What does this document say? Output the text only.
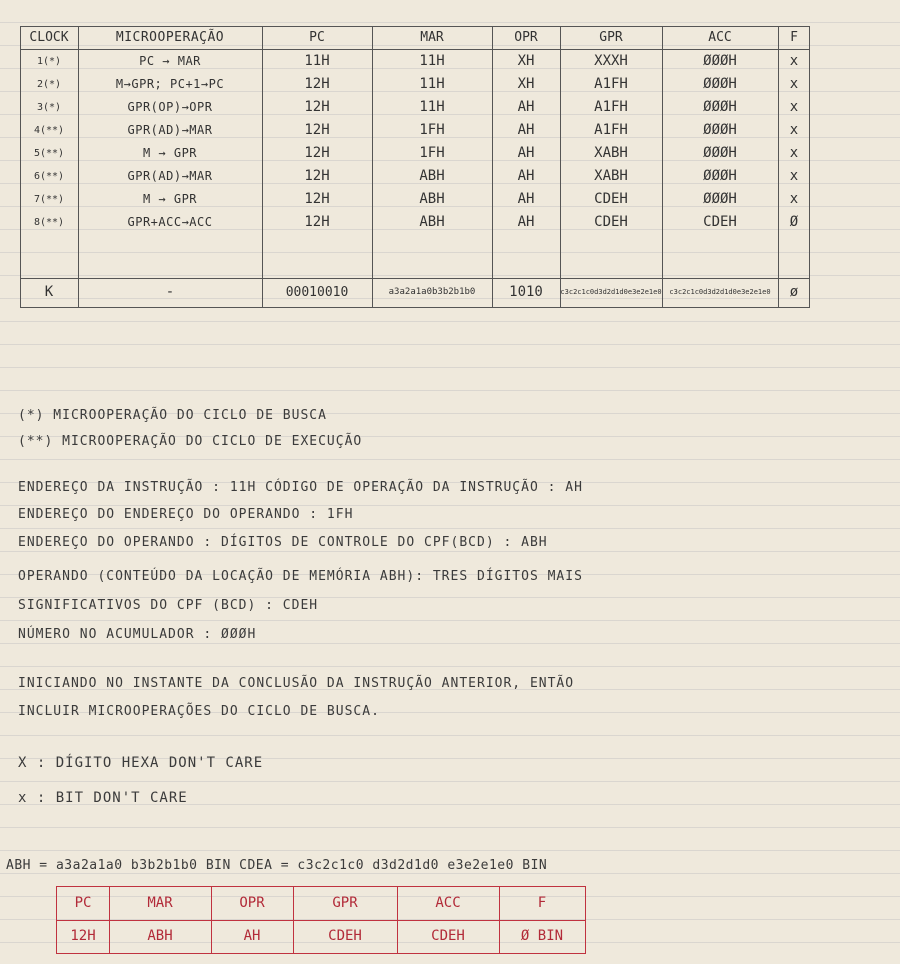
CLOCK	MICROOPERAÇÃO	PC	MAR	OPR	GPR	ACC	F
1(*)	PC → MAR	11H	11H	XH	XXXH	ØØØH	x
2(*)	M→GPR; PC+1→PC	12H	11H	XH	A1FH	ØØØH	x
3(*)	GPR(OP)→OPR	12H	11H	AH	A1FH	ØØØH	x
4(**)	GPR(AD)→MAR	12H	1FH	AH	A1FH	ØØØH	x
5(**)	M → GPR	12H	1FH	AH	XABH	ØØØH	x
6(**)	GPR(AD)→MAR	12H	ABH	AH	XABH	ØØØH	x
7(**)	M → GPR	12H	ABH	AH	CDEH	ØØØH	x
8(**)	GPR+ACC→ACC	12H	ABH	AH	CDEH	CDEH	Ø
K	-	00010010	a3a2a1a0b3b2b1b0	1010	c3c2c1c0d3d2d1d0e3e2e1e0	c3c2c1c0d3d2d1d0e3e2e1e0	ø
(*) MICROOPERAÇÃO DO CICLO DE BUSCA
(**) MICROOPERAÇÃO DO CICLO DE EXECUÇÃO
ENDEREÇO DA INSTRUÇÃO : 11H CÓDIGO DE OPERAÇÃO DA INSTRUÇÃO : AH
ENDEREÇO DO ENDEREÇO DO OPERANDO : 1FH
ENDEREÇO DO OPERANDO : DÍGITOS DE CONTROLE DO CPF(BCD) : ABH
OPERANDO (CONTEÚDO DA LOCAÇÃO DE MEMÓRIA ABH): TRES DÍGITOS MAIS
SIGNIFICATIVOS DO CPF (BCD) : CDEH
NÚMERO NO ACUMULADOR : ØØØH
INICIANDO NO INSTANTE DA CONCLUSÃO DA INSTRUÇÃO ANTERIOR, ENTÃO
INCLUIR MICROOPERAÇÕES DO CICLO DE BUSCA.
X : DÍGITO HEXA DON'T CARE
x : BIT DON'T CARE
ABH = a3a2a1a0 b3b2b1b0 BIN CDEA = c3c2c1c0 d3d2d1d0 e3e2e1e0 BIN
PC	MAR	OPR	GPR	ACC	F
12H	ABH	AH	CDEH	CDEH	Ø BIN
